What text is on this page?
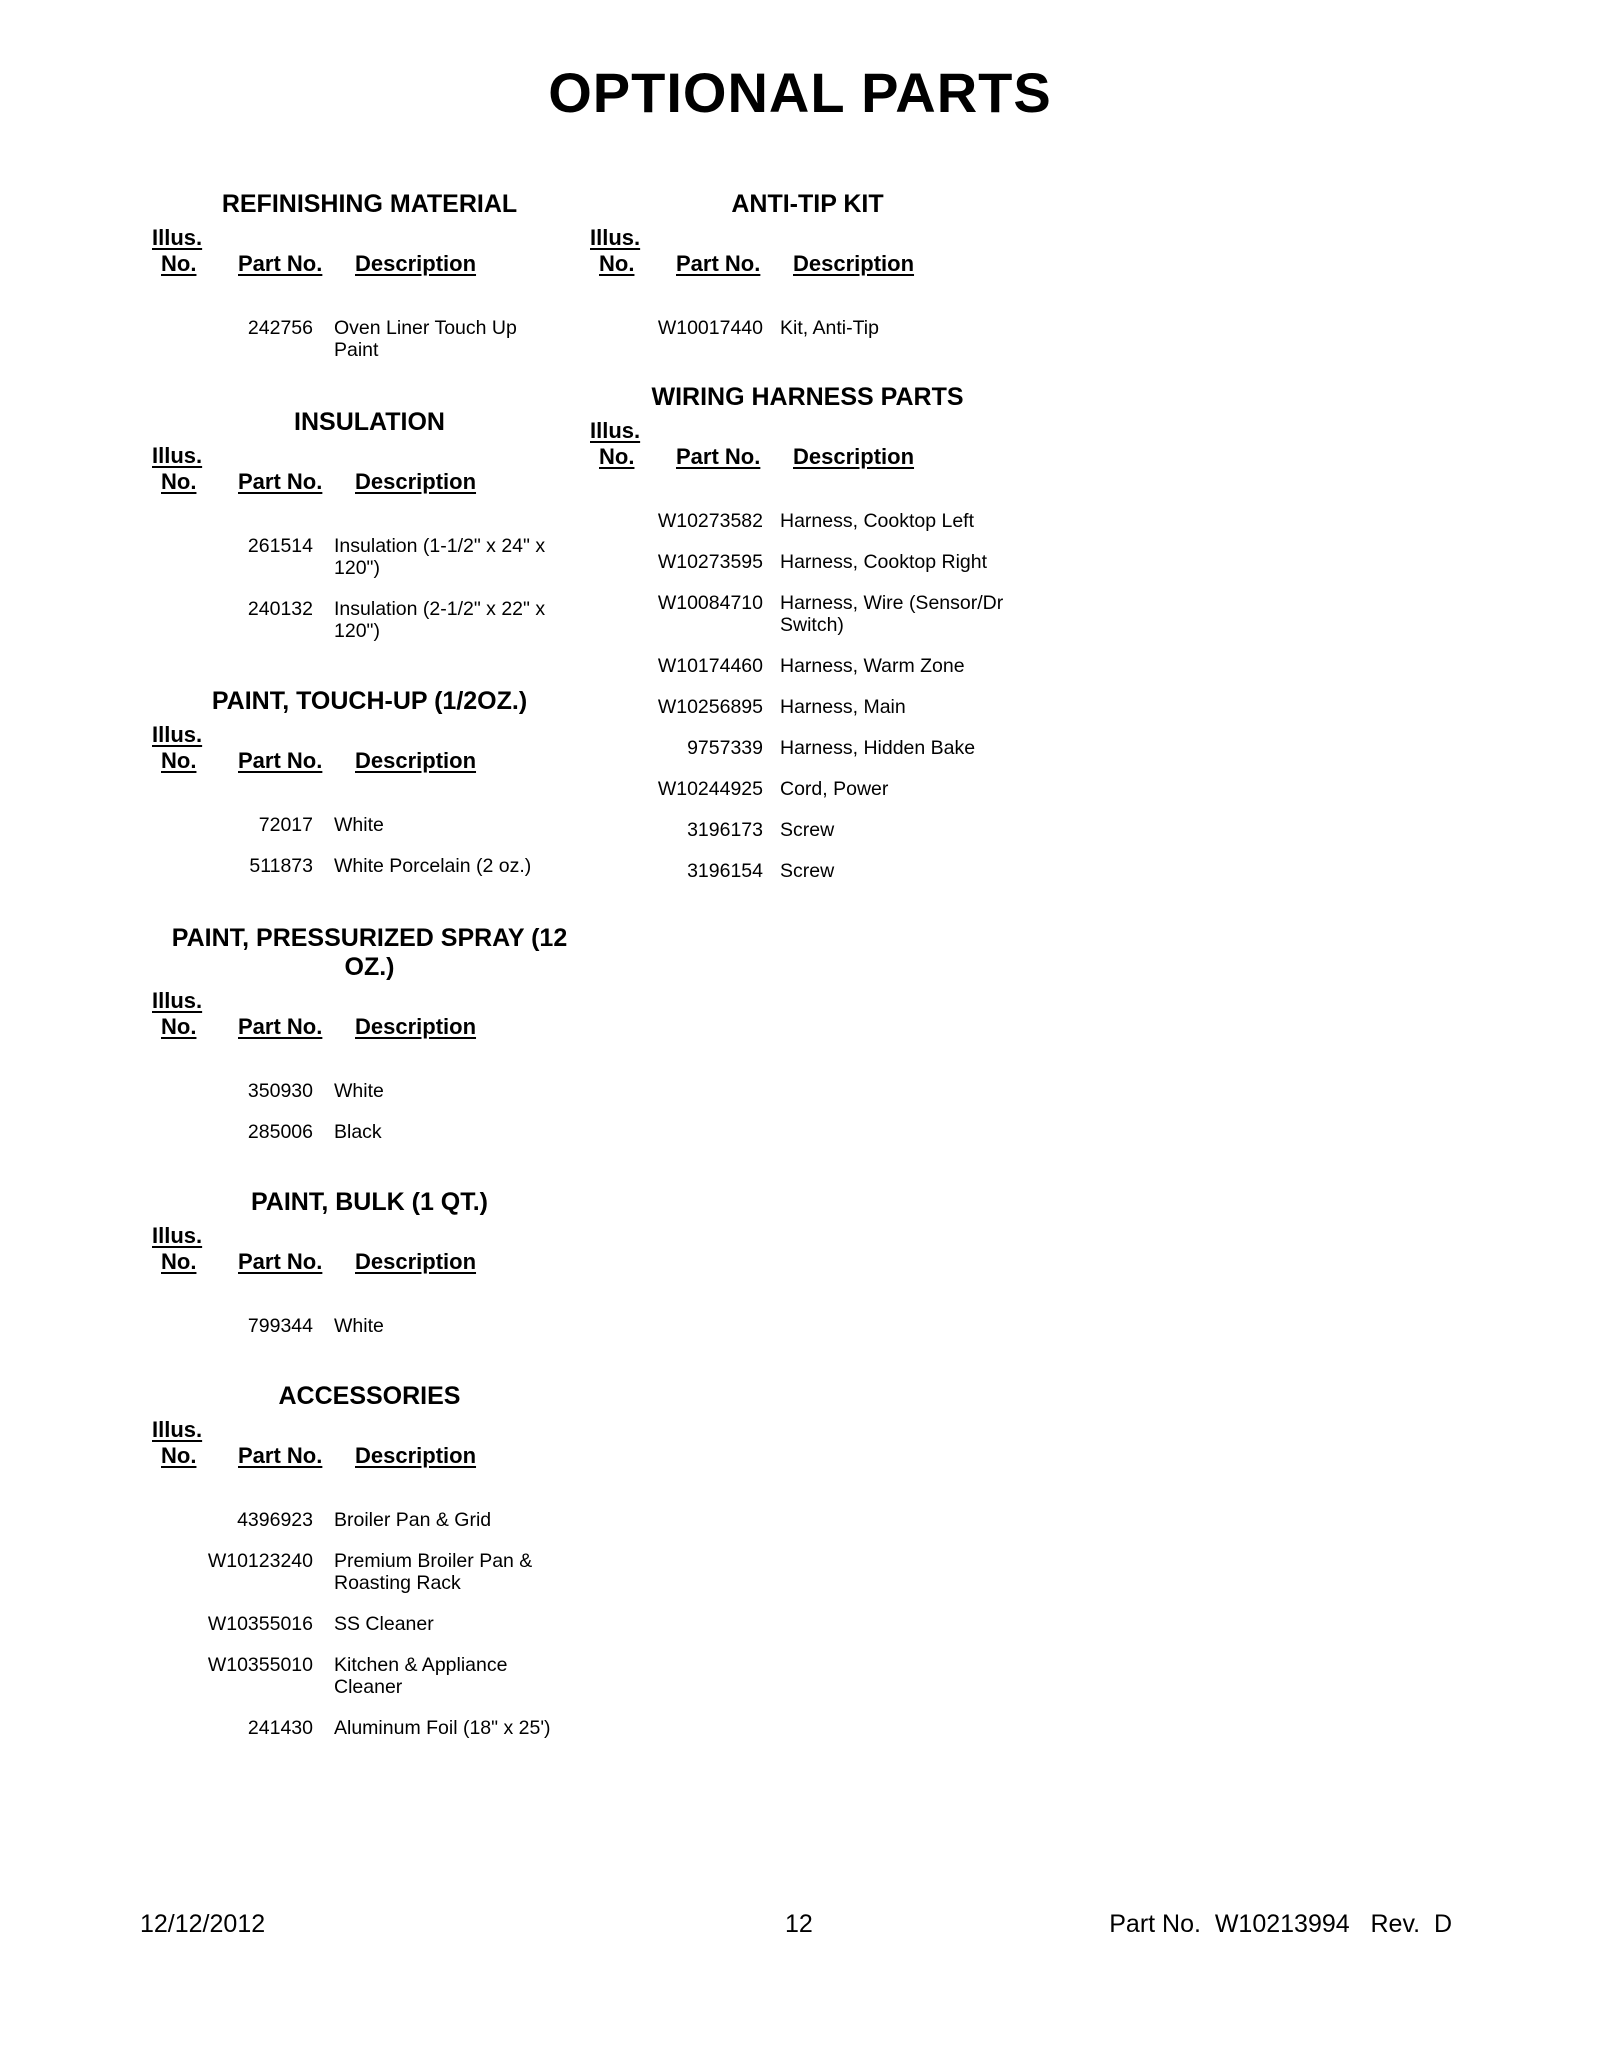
OPTIONAL PARTS
REFINISHING MATERIAL
Illus.
No. Part No. Description
242756	Oven Liner Touch Up Paint
INSULATION
Illus.
No. Part No. Description
261514	Insulation (1-1/2" x 24" x 120")
240132	Insulation (2-1/2" x 22" x 120")
PAINT, TOUCH-UP (1/2OZ.)
Illus.
No. Part No. Description
72017	White
511873	White Porcelain (2 oz.)
PAINT, PRESSURIZED SPRAY (12 OZ.)
Illus.
No. Part No. Description
350930	White
285006	Black
PAINT, BULK (1 QT.)
Illus.
No. Part No. Description
799344	White
ACCESSORIES
Illus.
No. Part No. Description
4396923	Broiler Pan & Grid
W10123240	Premium Broiler Pan & Roasting Rack
W10355016	SS Cleaner
W10355010	Kitchen & Appliance Cleaner
241430	Aluminum Foil (18" x 25')
ANTI-TIP KIT
Illus.
No. Part No. Description
W10017440 Kit, Anti-Tip
WIRING HARNESS PARTS
Illus.
No. Part No. Description
W10273582 Harness, Cooktop Left
W10273595 Harness, Cooktop Right
W10084710 Harness, Wire (Sensor/Dr Switch)
W10174460 Harness, Warm Zone
W10256895 Harness, Main
9757339 Harness, Hidden Bake
W10244925 Cord, Power
3196173 Screw
3196154 Screw
12/12/2012	12	Part No.  W10213994   Rev.  D
